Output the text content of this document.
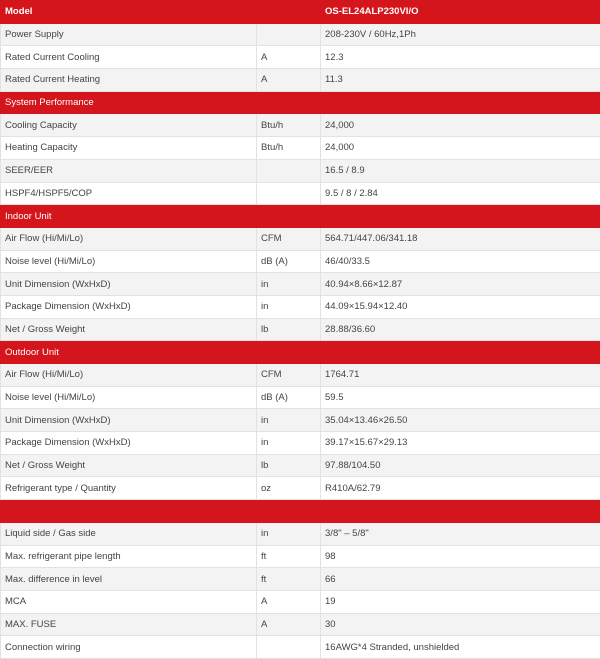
Model		OS-EL24ALP230VI/O
Power Supply		208-230V / 60Hz,1Ph
Rated Current Cooling	A	12.3
Rated Current Heating	A	11.3
System Performance		
Cooling Capacity	Btu/h	24,000
Heating Capacity	Btu/h	24,000
SEER/EER		16.5 / 8.9
HSPF4/HSPF5/COP		9.5 / 8 / 2.84
Indoor Unit		
Air Flow (Hi/Mi/Lo)	CFM	564.71/447.06/341.18
Noise level (Hi/Mi/Lo)	dB (A)	46/40/33.5
Unit Dimension (WxHxD)	in	40.94×8.66×12.87
Package Dimension (WxHxD)	in	44.09×15.94×12.40
Net / Gross Weight	lb	28.88/36.60
Outdoor Unit		
Air Flow (Hi/Mi/Lo)	CFM	1764.71
Noise level (Hi/Mi/Lo)	dB (A)	59.5
Unit Dimension (WxHxD)	in	35.04×13.46×26.50
Package Dimension (WxHxD)	in	39.17×15.67×29.13
Net / Gross Weight	lb	97.88/104.50
Refrigerant type / Quantity	oz	R410A/62.79

Liquid side / Gas side	in	3/8" – 5/8"
Max. refrigerant pipe length	ft	98
Max. difference in level	ft	66
MCA	A	19
MAX. FUSE	A	30
Connection wiring		16AWG*4 Stranded, unshielded
